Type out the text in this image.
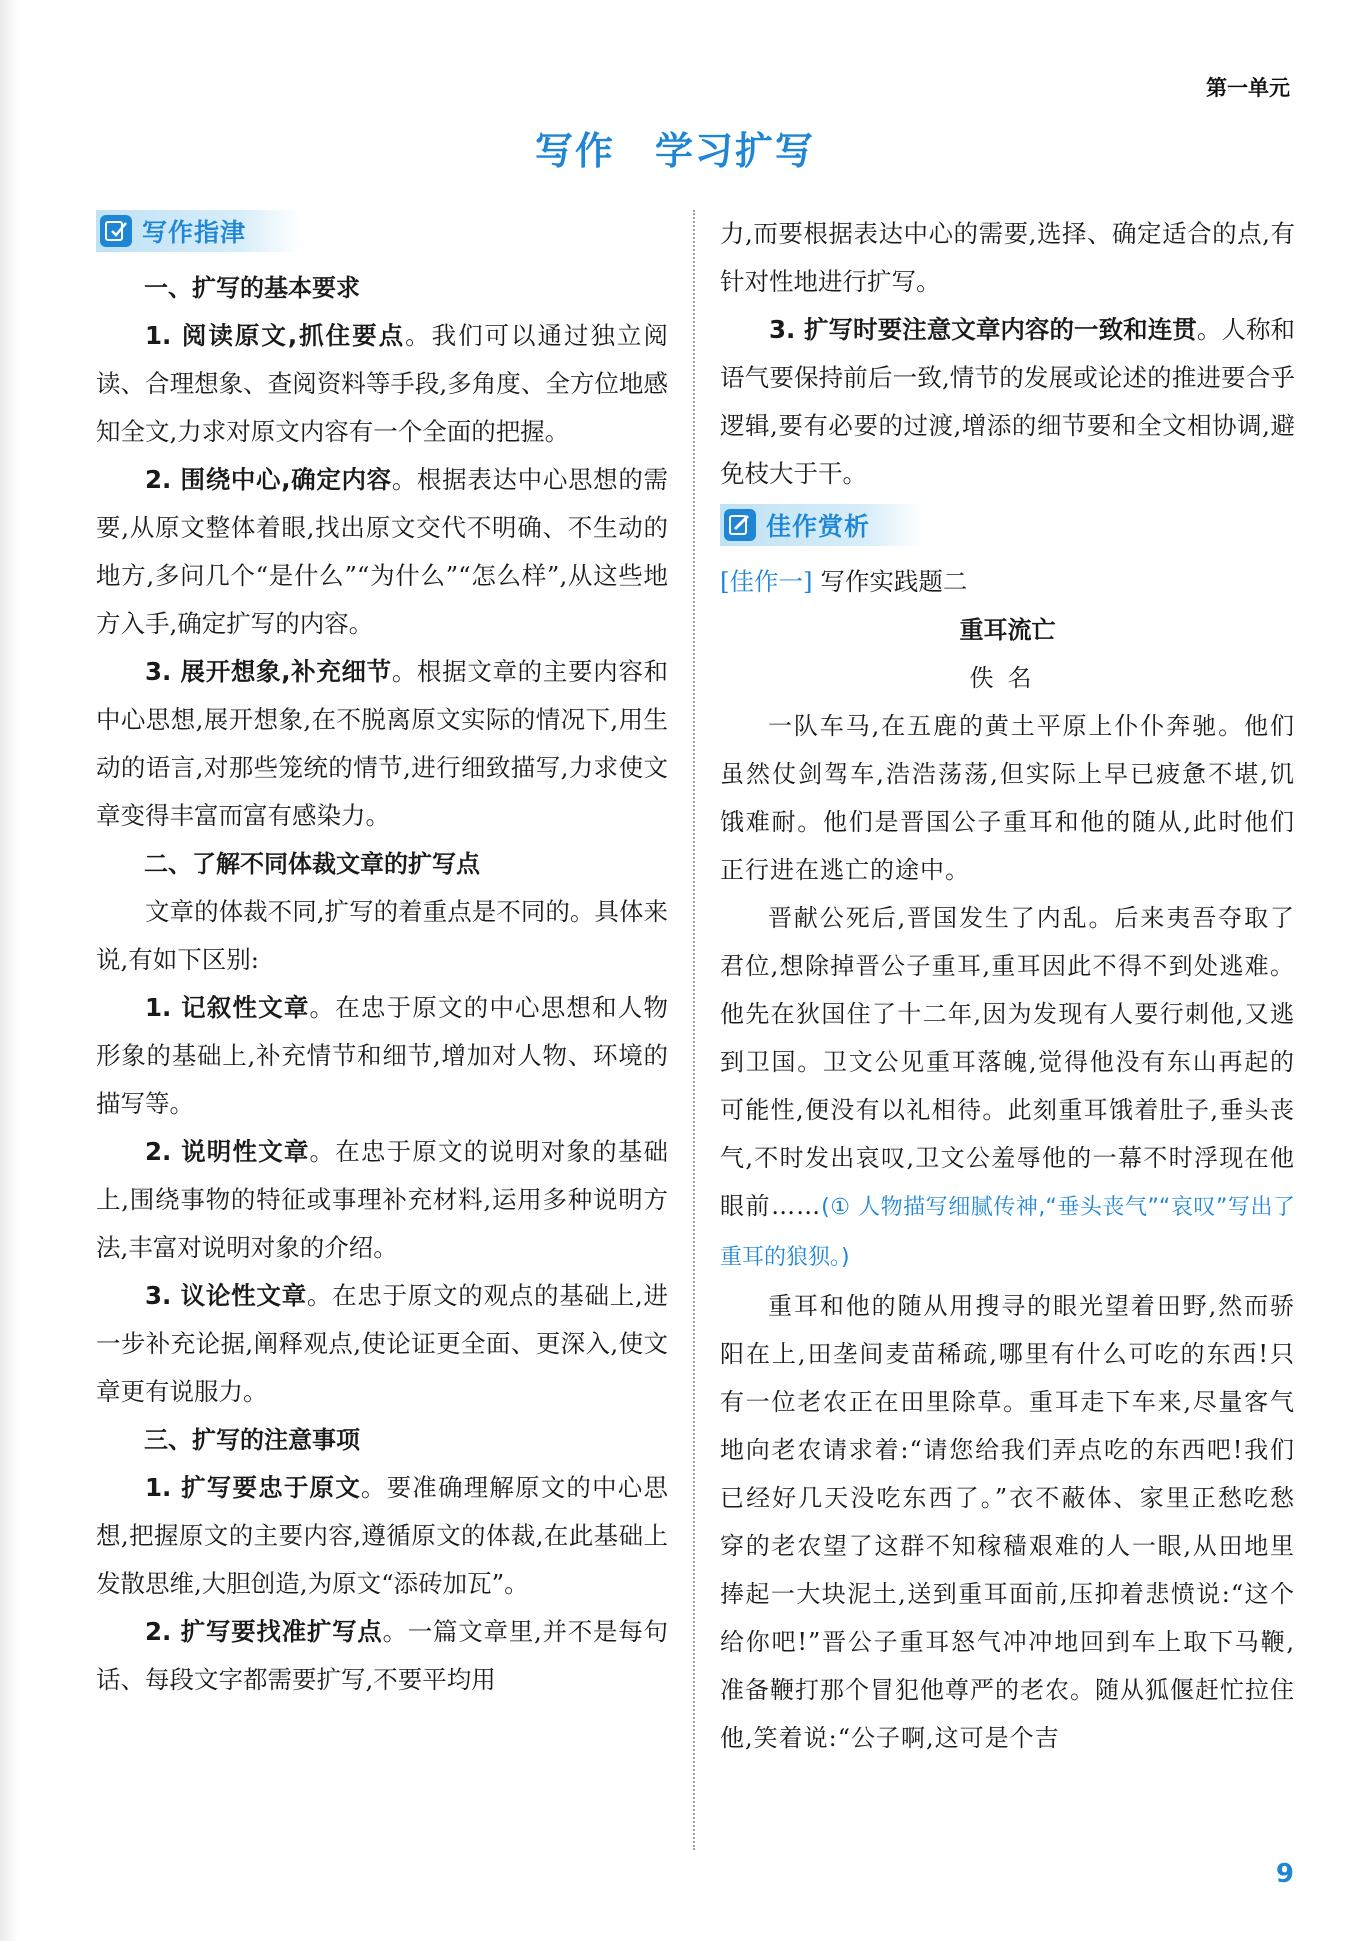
第一单元
写作　学习扩写
写作指津
一、扩写的基本要求

1. 阅读原文,抓住要点。我们可以通过独立阅读、合理想象、查阅资料等手段,多角度、全方位地感知全文,力求对原文内容有一个全面的把握。

2. 围绕中心,确定内容。根据表达中心思想的需要,从原文整体着眼,找出原文交代不明确、不生动的地方,多问几个“是什么”“为什么”“怎么样”,从这些地方入手,确定扩写的内容。

3. 展开想象,补充细节。根据文章的主要内容和中心思想,展开想象,在不脱离原文实际的情况下,用生动的语言,对那些笼统的情节,进行细致描写,力求使文章变得丰富而富有感染力。

二、了解不同体裁文章的扩写点

文章的体裁不同,扩写的着重点是不同的。具体来说,有如下区别:

1. 记叙性文章。在忠于原文的中心思想和人物形象的基础上,补充情节和细节,增加对人物、环境的描写等。

2. 说明性文章。在忠于原文的说明对象的基础上,围绕事物的特征或事理补充材料,运用多种说明方法,丰富对说明对象的介绍。

3. 议论性文章。在忠于原文的观点的基础上,进一步补充论据,阐释观点,使论证更全面、更深入,使文章更有说服力。

三、扩写的注意事项

1. 扩写要忠于原文。要准确理解原文的中心思想,把握原文的主要内容,遵循原文的体裁,在此基础上发散思维,大胆创造,为原文“添砖加瓦”。

2. 扩写要找准扩写点。一篇文章里,并不是每句话、每段文字都需要扩写,不要平均用

力,而要根据表达中心的需要,选择、确定适合的点,有针对性地进行扩写。

3. 扩写时要注意文章内容的一致和连贯。人称和语气要保持前后一致,情节的发展或论述的推进要合乎逻辑,要有必要的过渡,增添的细节要和全文相协调,避免枝大于干。

佳作赏析
[佳作一] 写作实践题二
重耳流亡
佚名

一队车马,在五鹿的黄土平原上仆仆奔驰。他们虽然仗剑驾车,浩浩荡荡,但实际上早已疲惫不堪,饥饿难耐。他们是晋国公子重耳和他的随从,此时他们正行进在逃亡的途中。

晋献公死后,晋国发生了内乱。后来夷吾夺取了君位,想除掉晋公子重耳,重耳因此不得不到处逃难。他先在狄国住了十二年,因为发现有人要行刺他,又逃到卫国。卫文公见重耳落魄,觉得他没有东山再起的可能性,便没有以礼相待。此刻重耳饿着肚子,垂头丧气,不时发出哀叹,卫文公羞辱他的一幕不时浮现在他眼前……(① 人物描写细腻传神,“垂头丧气”“哀叹”写出了重耳的狼狈。)

重耳和他的随从用搜寻的眼光望着田野,然而骄阳在上,田垄间麦苗稀疏,哪里有什么可吃的东西!只有一位老农正在田里除草。重耳走下车来,尽量客气地向老农请求着:“请您给我们弄点吃的东西吧!我们已经好几天没吃东西了。”衣不蔽体、家里正愁吃愁穿的老农望了这群不知稼穑艰难的人一眼,从田地里捧起一大块泥土,送到重耳面前,压抑着悲愤说:“这个给你吧!”晋公子重耳怒气冲冲地回到车上取下马鞭,准备鞭打那个冒犯他尊严的老农。随从狐偃赶忙拉住他,笑着说:“公子啊,这可是个吉

9
